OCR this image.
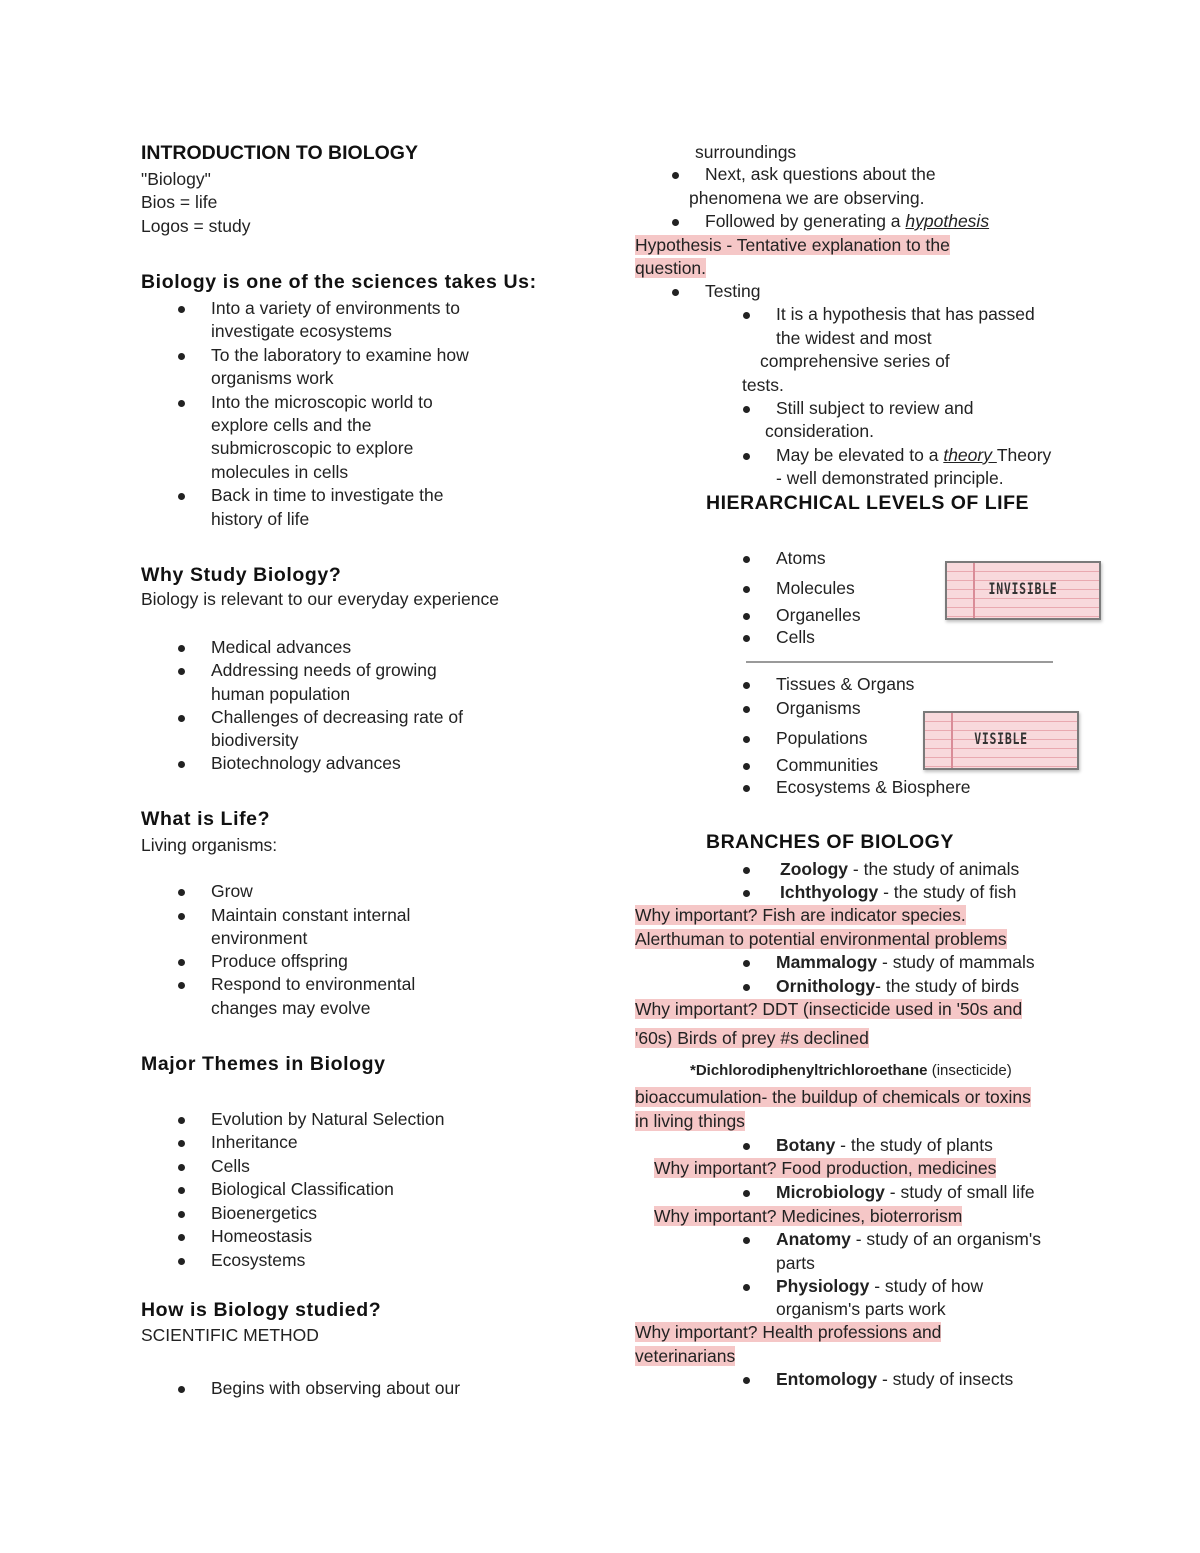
INTRODUCTION TO BIOLOGY
"Biology"
Bios = life
Logos = study
Biology is one of the sciences takes Us:
Into a variety of environments to
investigate ecosystems
To the laboratory to examine how
organisms work
Into the microscopic world to
explore cells and the
submicroscopic to explore
molecules in cells
Back in time to investigate the
history of life
Why Study Biology?
Biology is relevant to our everyday experience
Medical advances
Addressing needs of growing
human population
Challenges of decreasing rate of
biodiversity
Biotechnology advances
What is Life?
Living organisms:
Grow
Maintain constant internal
environment
Produce offspring
Respond to environmental
changes may evolve
Major Themes in Biology
Evolution by Natural Selection
Inheritance
Cells
Biological Classification
Bioenergetics
Homeostasis
Ecosystems
How is Biology studied?
SCIENTIFIC METHOD
Begins with observing about our
surroundings
Next, ask questions about the
phenomena we are observing.
Followed by generating a hypothesis
Hypothesis - Tentative explanation to the
question.
Testing
It is a hypothesis that has passed
the widest and most
comprehensive series of
tests.
Still subject to review and
consideration.
May be elevated to a theory Theory
- well demonstrated principle.
HIERARCHICAL LEVELS OF LIFE
Atoms
Molecules
Organelles
Cells
INVISIBLE
Tissues & Organs
Organisms
Populations
Communities
Ecosystems & Biosphere
VISIBLE
BRANCHES OF BIOLOGY
Zoology - the study of animals
Ichthyology - the study of fish
Why important? Fish are indicator species.
Alerthuman to potential environmental problems
Mammalogy - study of mammals
Ornithology- the study of birds
Why important? DDT (insecticide used in '50s and
'60s) Birds of prey #s declined
*Dichlorodiphenyltrichloroethane (insecticide)
bioaccumulation- the buildup of chemicals or toxins
in living things
Botany - the study of plants
Why important? Food production, medicines
Microbiology - study of small life
Why important? Medicines, bioterrorism
Anatomy - study of an organism's
parts
Physiology - study of how
organism's parts work
Why important? Health professions and
veterinarians
Entomology - study of insects
